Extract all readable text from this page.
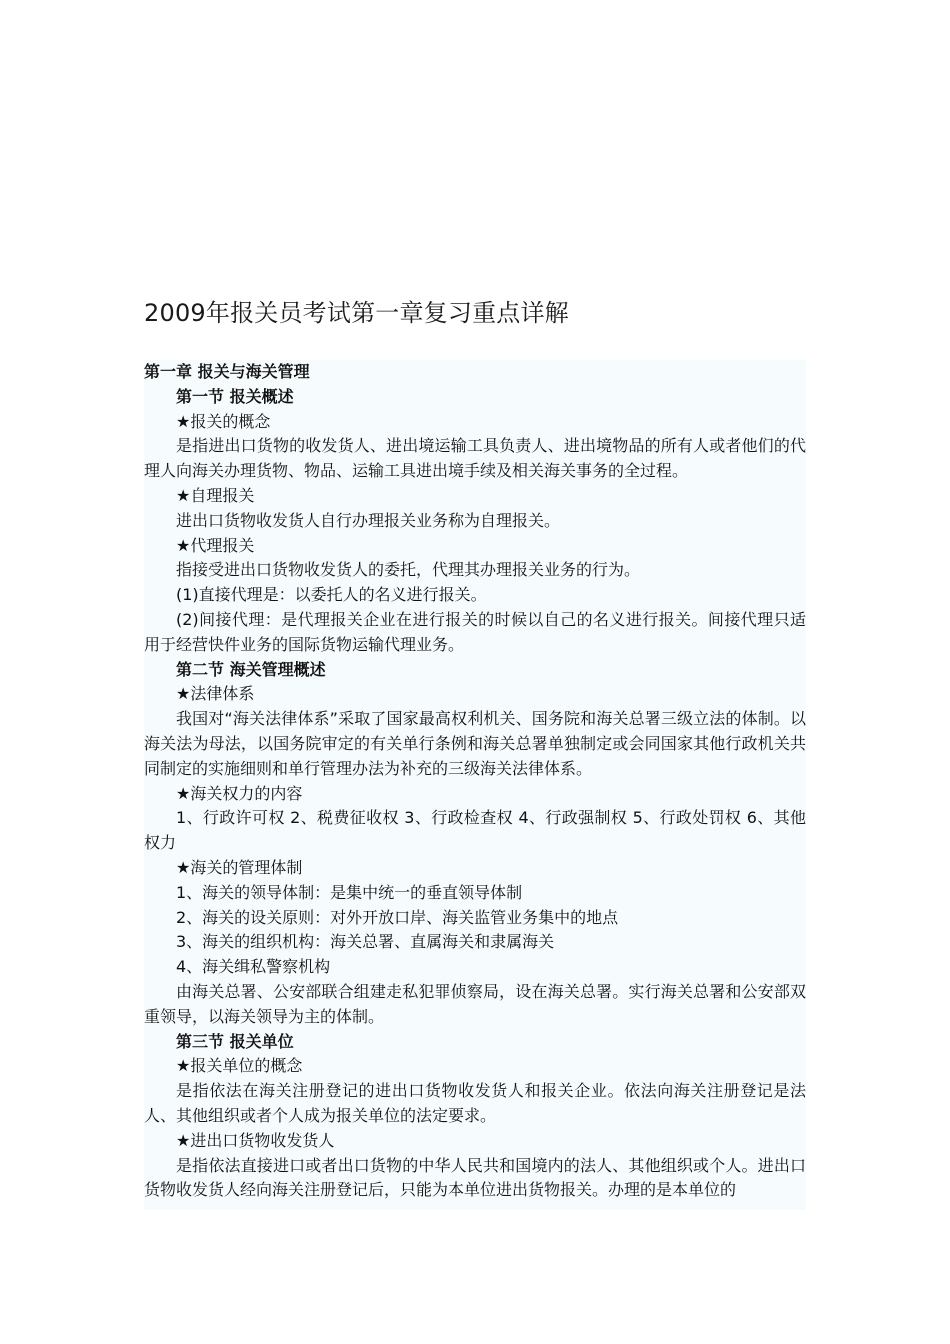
2009年报关员考试第一章复习重点详解

第一章 报关与海关管理

第一节 报关概述

★报关的概念

是指进出口货物的收发货人、进出境运输工具负责人、进出境物品的所有人或者他们的代理人向海关办理货物、物品、运输工具进出境手续及相关海关事务的全过程。

★自理报关

进出口货物收发货人自行办理报关业务称为自理报关。

★代理报关

指接受进出口货物收发货人的委托，代理其办理报关业务的行为。

(1)直接代理是：以委托人的名义进行报关。

(2)间接代理：是代理报关企业在进行报关的时候以自己的名义进行报关。间接代理只适用于经营快件业务的国际货物运输代理业务。

第二节 海关管理概述

★法律体系

我国对“海关法律体系”采取了国家最高权利机关、国务院和海关总署三级立法的体制。以海关法为母法，以国务院审定的有关单行条例和海关总署单独制定或会同国家其他行政机关共同制定的实施细则和单行管理办法为补充的三级海关法律体系。

★海关权力的内容

1、行政许可权 2、税费征收权 3、行政检查权 4、行政强制权 5、行政处罚权 6、其他权力

★海关的管理体制

1、海关的领导体制：是集中统一的垂直领导体制

2、海关的设关原则：对外开放口岸、海关监管业务集中的地点

3、海关的组织机构：海关总署、直属海关和隶属海关

4、海关缉私警察机构

由海关总署、公安部联合组建走私犯罪侦察局，设在海关总署。实行海关总署和公安部双重领导，以海关领导为主的体制。

第三节 报关单位

★报关单位的概念

是指依法在海关注册登记的进出口货物收发货人和报关企业。依法向海关注册登记是法人、其他组织或者个人成为报关单位的法定要求。

★进出口货物收发货人

是指依法直接进口或者出口货物的中华人民共和国境内的法人、其他组织或个人。进出口货物收发货人经向海关注册登记后，只能为本单位进出货物报关。办理的是本单位的
